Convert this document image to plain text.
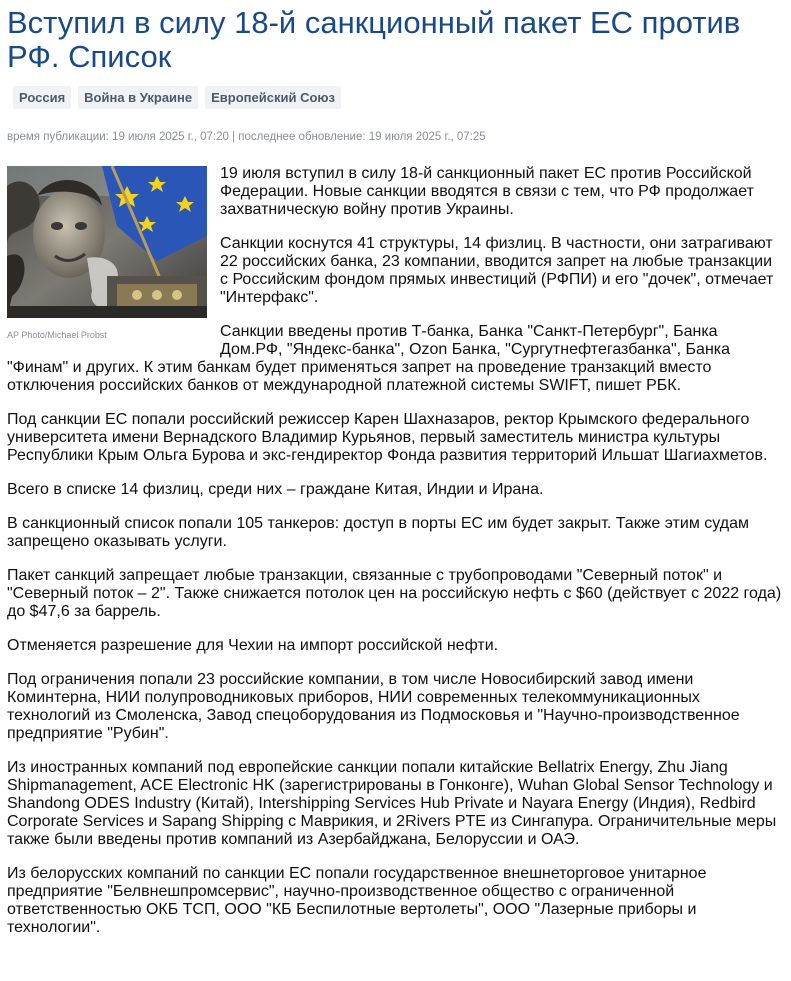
Вступил в силу 18-й санкционный пакет ЕС против РФ. Список
Россия	Война в Украине	Европейский Союз
время публикации: 19 июля 2025 г., 07:20 | последнее обновление: 19 июля 2025 г., 07:25
AP Photo/Michael Probst

19 июля вступил в силу 18-й санкционный пакет ЕС против Российской Федерации. Новые санкции вводятся в связи с тем, что РФ продолжает захватническую войну против Украины.

Санкции коснутся 41 структуры, 14 физлиц. В частности, они затрагивают 22 российских банка, 23 компании, вводится запрет на любые транзакции с Российским фондом прямых инвестиций (РФПИ) и его "дочек", отмечает "Интерфакс".

Санкции введены против Т-банка, Банка "Санкт-Петербург", Банка Дом.РФ, "Яндекс-банка", Ozon Банка, "Сургутнефтегазбанка", Банка "Финам" и других. К этим банкам будет применяться запрет на проведение транзакций вместо отключения российских банков от международной платежной системы SWIFT, пишет РБК.

Под санкции ЕС попали российский режиссер Карен Шахназаров, ректор Крымского федерального университета имени Вернадского Владимир Курьянов, первый заместитель министра культуры Республики Крым Ольга Бурова и экс-гендиректор Фонда развития территорий Ильшат Шагиахметов.

Всего в списке 14 физлиц, среди них – граждане Китая, Индии и Ирана.

В санкционный список попали 105 танкеров: доступ в порты ЕС им будет закрыт. Также этим судам запрещено оказывать услуги.

Пакет санкций запрещает любые транзакции, связанные с трубопроводами "Северный поток" и "Северный поток – 2". Также снижается потолок цен на российскую нефть с $60 (действует с 2022 года) до $47,6 за баррель.

Отменяется разрешение для Чехии на импорт российской нефти.

Под ограничения попали 23 российские компании, в том числе Новосибирский завод имени Коминтерна, НИИ полупроводниковых приборов, НИИ современных телекоммуникационных технологий из Смоленска, Завод спецоборудования из Подмосковья и "Научно-производственное предприятие "Рубин".

Из иностранных компаний под европейские санкции попали китайские Bellatrix Energy, Zhu Jiang Shipmanagement, ACE Electronic HK (зарегистрированы в Гонконге), Wuhan Global Sensor Technology и Shandong ODES Industry (Китай), Intershipping Services Hub Private и Nayara Energy (Индия), Redbird Corporate Services и Sapang Shipping с Маврикия, и 2Rivers PTE из Сингапура. Ограничительные меры также были введены против компаний из Азербайджана, Белоруссии и ОАЭ.

Из белорусских компаний по санкции ЕС попали государственное внешнеторговое унитарное предприятие "Белвнешпромсервис", научно-производственное общество с ограниченной ответственностью ОКБ ТСП, ООО "КБ Беспилотные вертолеты", ООО "Лазерные приборы и технологии".
